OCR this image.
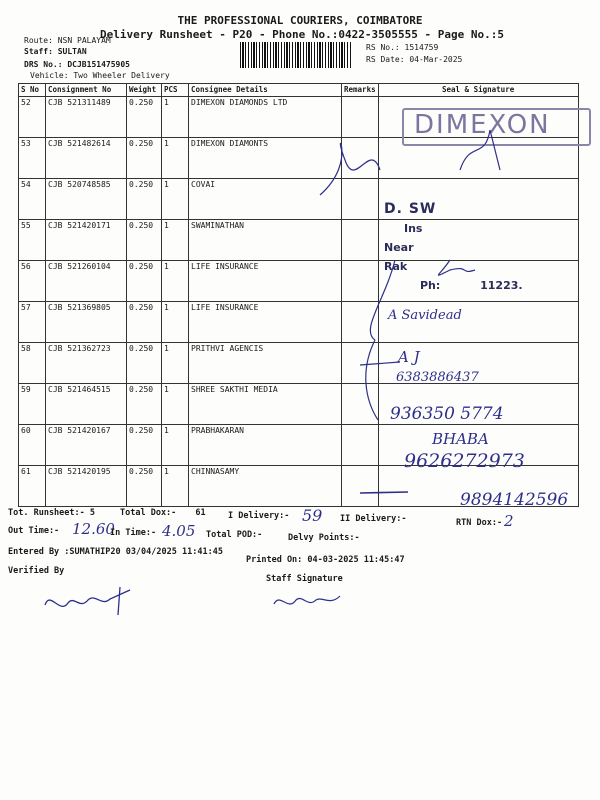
THE PROFESSIONAL COURIERS, COIMBATORE
Delivery Runsheet - P20 - Phone No.:0422-3505555 - Page No.:5
Route: NSN PALAYAM
Staff: SULTAN
DRS No.: DCJB151475905
Vehicle: Two Wheeler Delivery
RS No.: 1514759
RS Date: 04-Mar-2025
S No	Consignment No	Weight	PCS	Consignee Details	Remarks	Seal & Signature
52	CJB 521311489	0.250	1	DIMEXON DIAMONDS LTD		
53	CJB 521482614	0.250	1	DIMEXON DIAMONTS		
54	CJB 520748585	0.250	1	COVAI		
55	CJB 521420171	0.250	1	SWAMINATHAN		
56	CJB 521260104	0.250	1	LIFE INSURANCE		
57	CJB 521369805	0.250	1	LIFE INSURANCE		
58	CJB 521362723	0.250	1	PRITHVI AGENCIS		
59	CJB 521464515	0.250	1	SHREE SAKTHI MEDIA		
60	CJB 521420167	0.250	1	PRABHAKARAN		
61	CJB 521420195	0.250	1	CHINNASAMY		
DIMEXON
D. SW
Ins
Near
Rak
Ph:	11223.
A Savidead
A J
6383886437
936350 5774
BHABA
9626272973
9894142596
Tot. Runsheet:- 5	Total Dox:- 61	I Delivery:- 59 II Delivery:-	RTN Dox:- 2
Out Time:- 12.60
In Time:- 4.05 Total POD:-	Delvy Points:-
Entered By :SUMATHIP20 03/04/2025 11:41:45
Printed On: 04-03-2025 11:45:47
Verified By
Staff Signature
